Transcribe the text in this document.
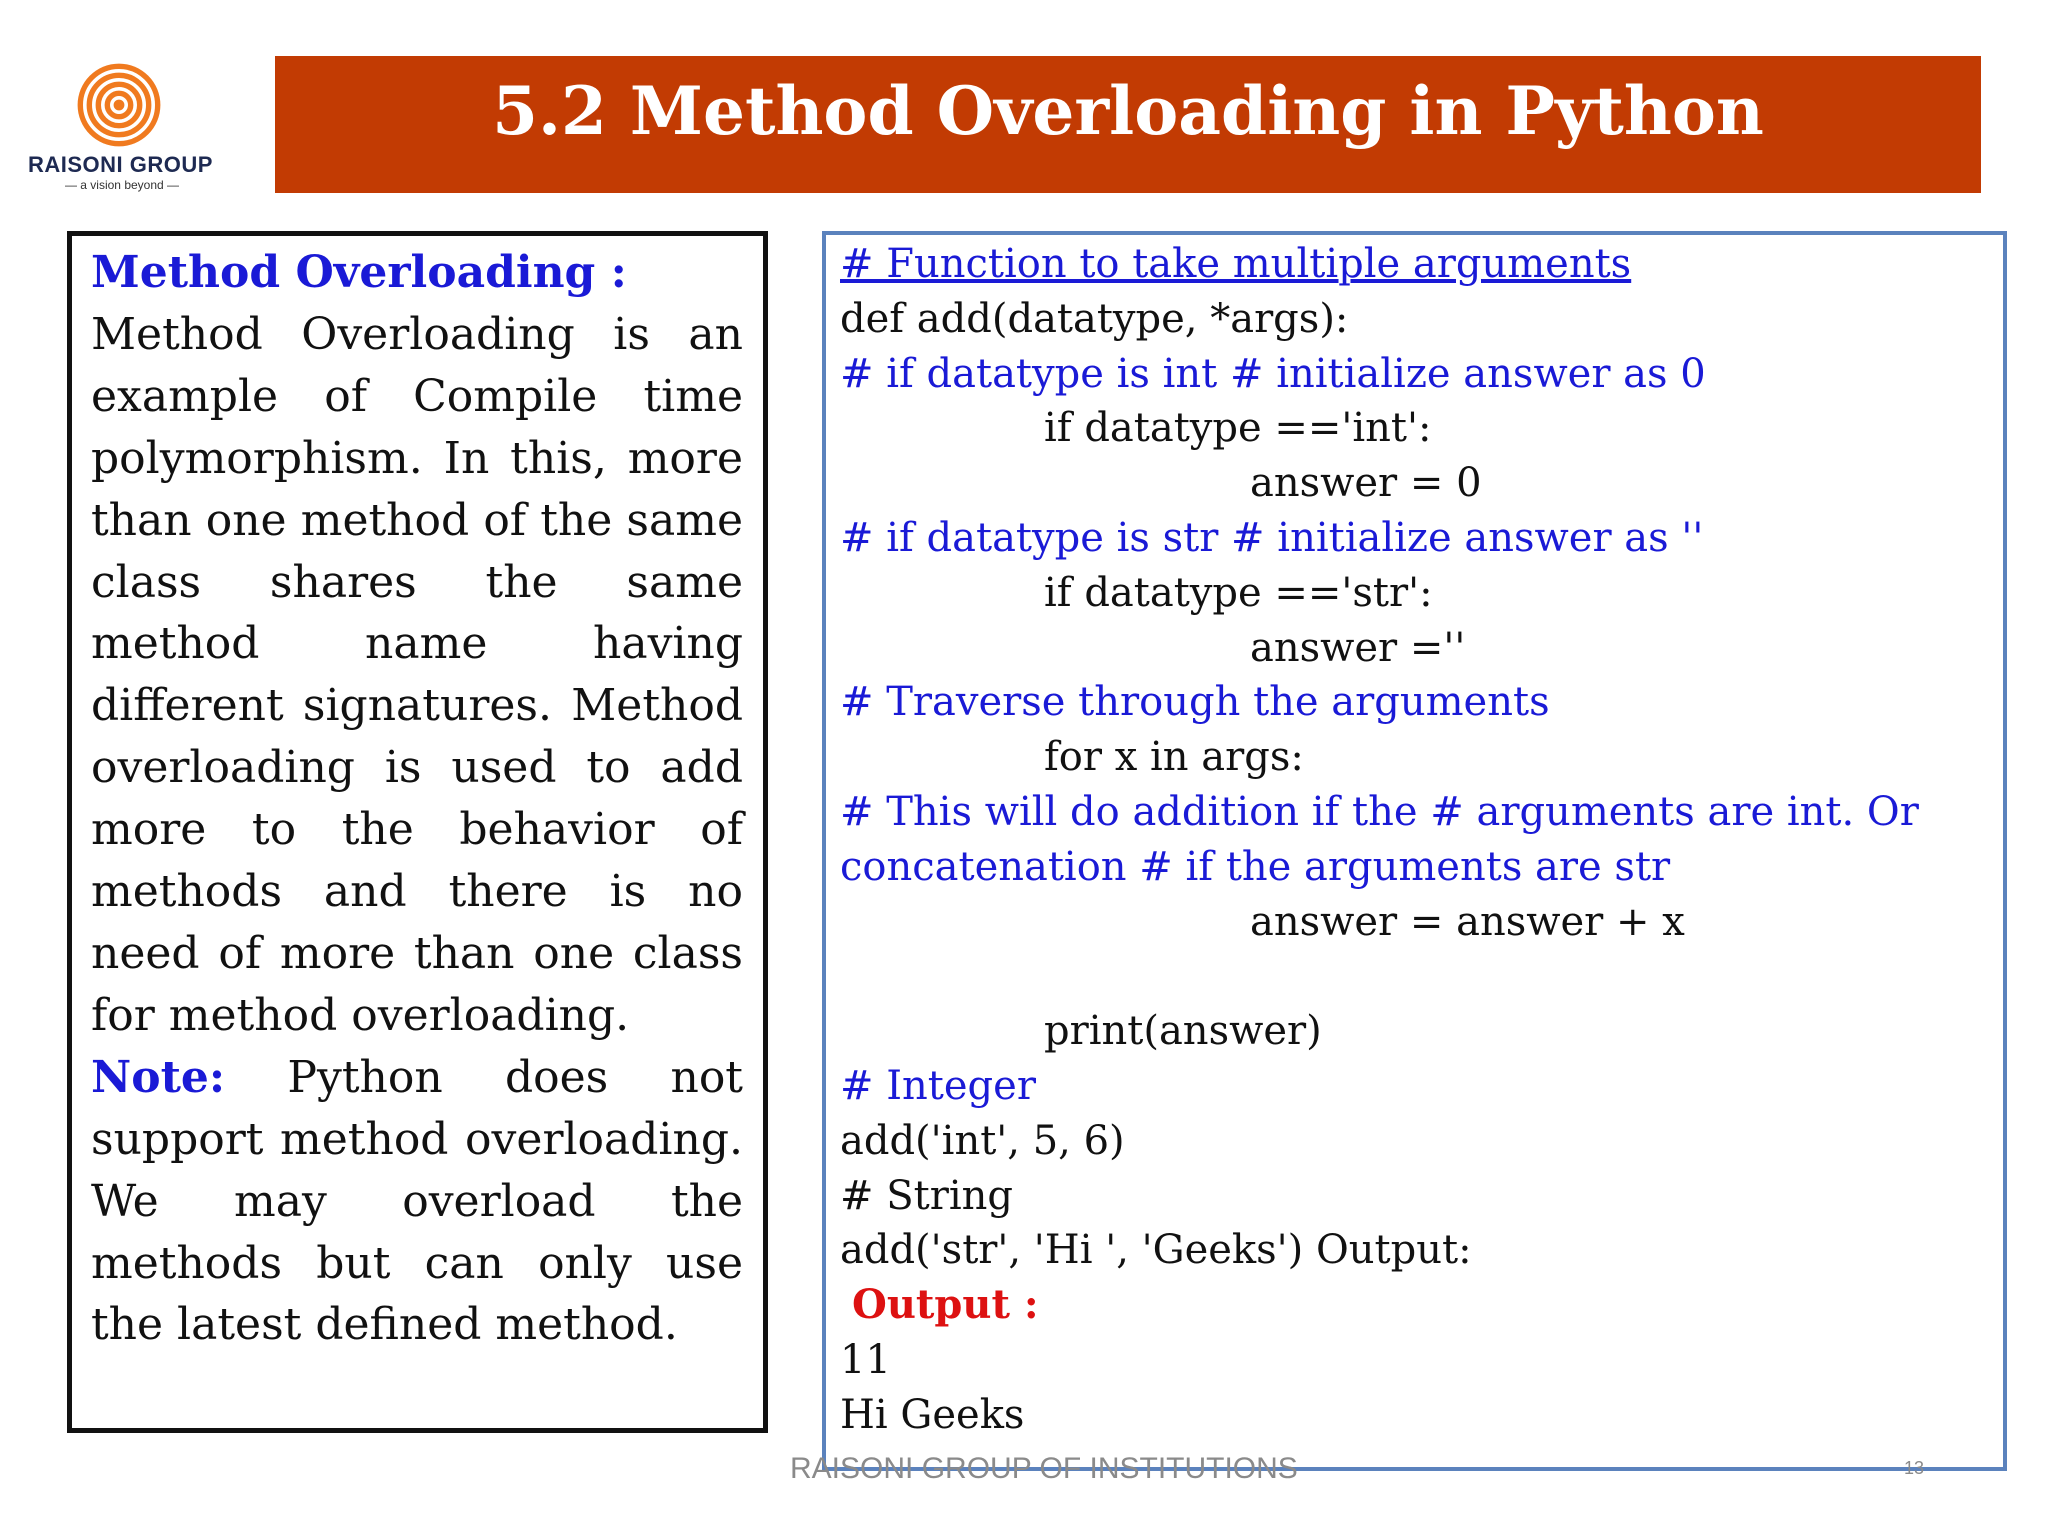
RAISONI GROUP
— a vision beyond —
5.2 Method Overloading in Python

Method Overloading :
Method Overloading is an example of Compile time polymorphism. In this, more than one method of the same class shares the same method name having different signatures. Method overloading is used to add more to the behavior of methods and there is no need of more than one class for method overloading.
Note: Python does not support method overloading. We may overload the methods but can only use the latest defined method.

# Function to take multiple arguments
def add(datatype, *args):
# if datatype is int # initialize answer as 0
if datatype =='int':
answer = 0
# if datatype is str # initialize answer as ''
if datatype =='str':
answer =''
# Traverse through the arguments
for x in args:
# This will do addition if the # arguments are int. Or
concatenation # if the arguments are str
answer = answer + x
print(answer)
# Integer
add('int', 5, 6)
# String
add('str', 'Hi ', 'Geeks') Output:
Output :
11
Hi Geeks
RAISONI GROUP OF INSTITUTIONS	13
